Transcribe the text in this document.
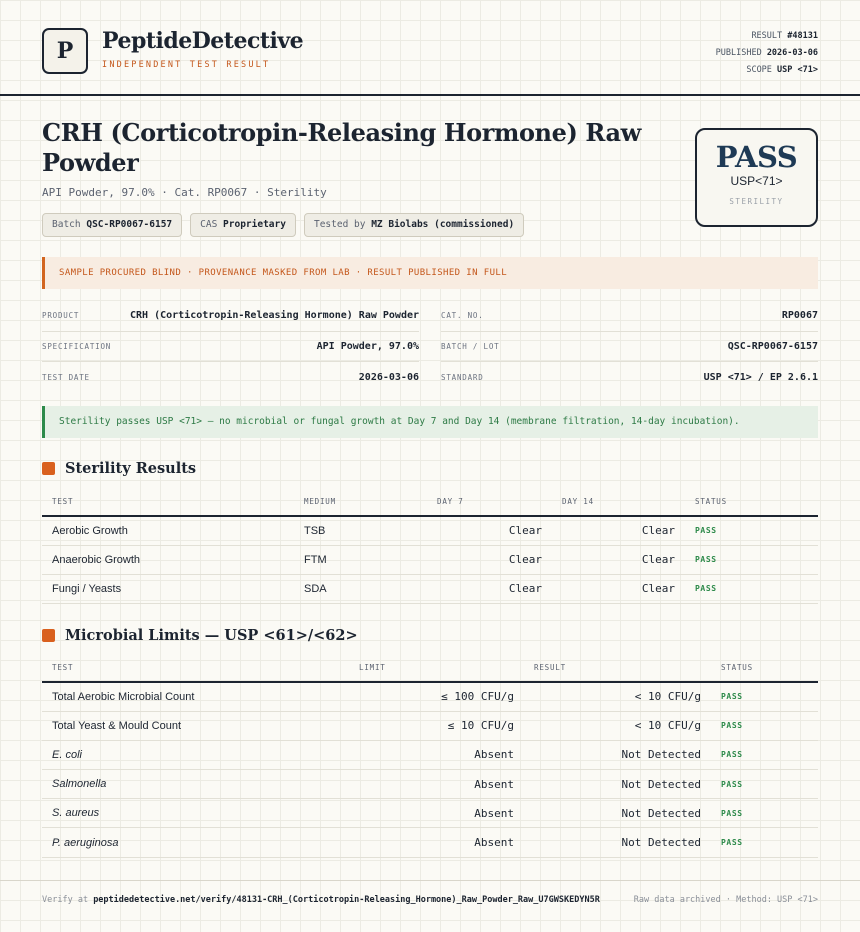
P	PeptideDetective
INDEPENDENT TEST RESULT
RESULT #48131
PUBLISHED 2026-03-06
SCOPE USP <71>
CRH (Corticotropin-Releasing Hormone) Raw Powder
API Powder, 97.0% · Cat. RP0067 · Sterility
Batch QSC-RP0067-6157	CAS Proprietary	Tested by MZ Biolabs (commissioned)
PASS
USP<71>
STERILITY
SAMPLE PROCURED BLIND · PROVENANCE MASKED FROM LAB · RESULT PUBLISHED IN FULL
PRODUCT	CRH (Corticotropin-Releasing Hormone) Raw Powder
SPECIFICATION	API Powder, 97.0%
TEST DATE	2026-03-06
CAT. NO.	RP0067
BATCH / LOT	QSC-RP0067-6157
STANDARD	USP <71> / EP 2.6.1
Sterility passes USP <71> — no microbial or fungal growth at Day 7 and Day 14 (membrane filtration, 14-day incubation).
Sterility Results
TEST	MEDIUM	DAY 7	DAY 14	STATUS
Aerobic Growth	TSB	Clear	Clear	PASS
Anaerobic Growth	FTM	Clear	Clear	PASS
Fungi / Yeasts	SDA	Clear	Clear	PASS
Microbial Limits — USP <61>/<62>
TEST	LIMIT	RESULT	STATUS
Total Aerobic Microbial Count	≤ 100 CFU/g	< 10 CFU/g	PASS
Total Yeast & Mould Count	≤ 10 CFU/g	< 10 CFU/g	PASS
E. coli	Absent	Not Detected	PASS
Salmonella	Absent	Not Detected	PASS
S. aureus	Absent	Not Detected	PASS
P. aeruginosa	Absent	Not Detected	PASS
Verify at peptidedetective.net/verify/48131-CRH_(Corticotropin-Releasing_Hormone)_Raw_Powder_Raw_U7GWSKEDYN5R	Raw data archived · Method: USP <71>
